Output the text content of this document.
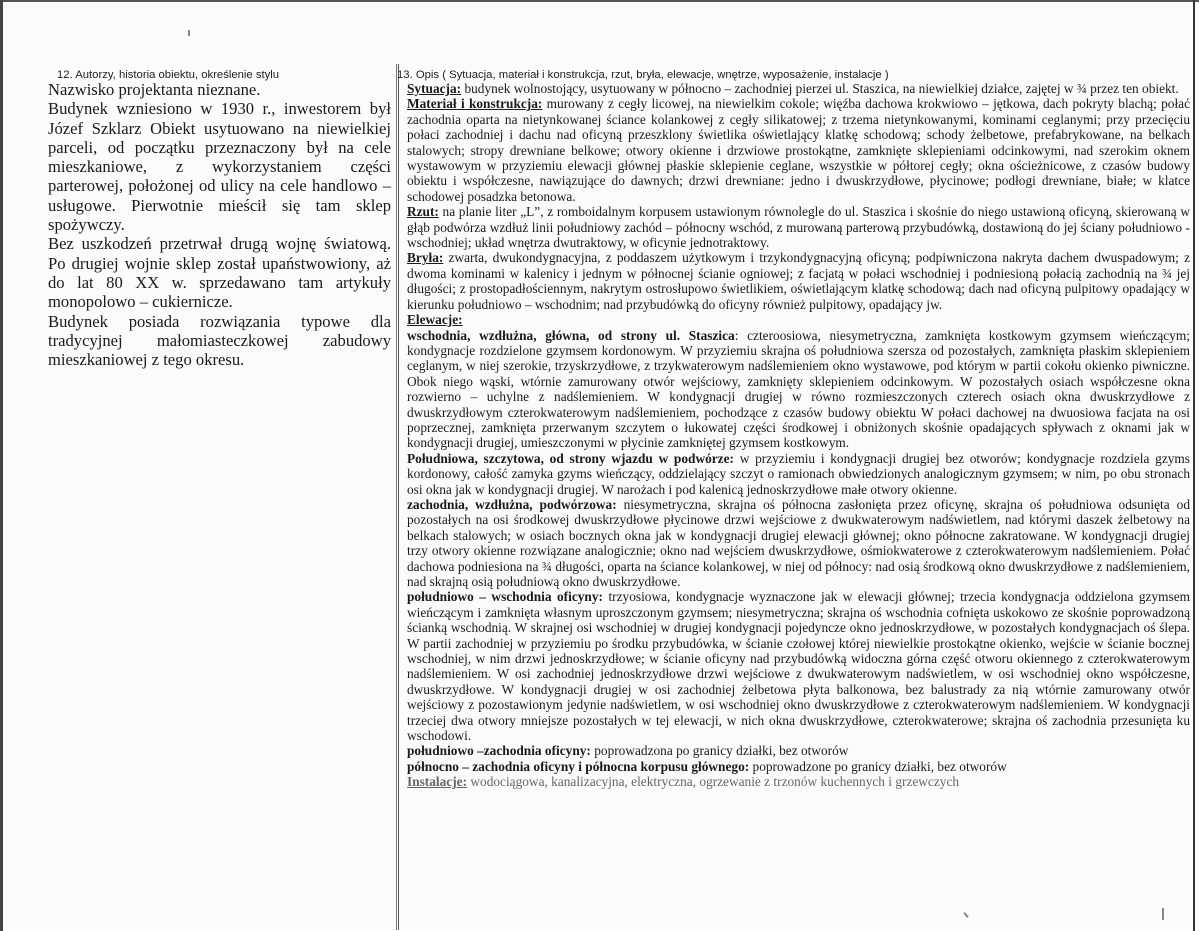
12. Autorzy, historia obiektu, określenie stylu	13. Opis ( Sytuacja, materiał i konstrukcja, rzut, bryła, elewacje, wnętrze, wyposażenie, instalacje )

Nazwisko projektanta nieznane.

Budynek wzniesiono w 1930 r., inwestorem był Józef Szklarz Obiekt usytuowano na niewielkiej parceli, od początku przeznaczony był na cele mieszkaniowe, z wykorzystaniem części parterowej, położonej od ulicy na cele handlowo – usługowe. Pierwotnie mieścił się tam sklep spożywczy.

Bez uszkodzeń przetrwał drugą wojnę światową. Po drugiej wojnie sklep został upaństwowiony, aż do lat 80 XX w. sprzedawano tam artykuły monopolowo – cukiernicze.

Budynek posiada rozwiązania typowe dla tradycyjnej małomiasteczkowej zabudowy mieszkaniowej z tego okresu.

Sytuacja: budynek wolnostojący, usytuowany w północno – zachodniej pierzei ul. Staszica, na niewielkiej działce, zajętej w ¾ przez ten obiekt.

Materiał i konstrukcja: murowany z cegły licowej, na niewielkim cokole; więźba dachowa krokwiowo – jętkowa, dach pokryty blachą; połać zachodnia oparta na nietynkowanej ściance kolankowej z cegły silikatowej; z trzema nietynkowanymi, kominami ceglanymi; przy przecięciu połaci zachodniej i dachu nad oficyną przeszklony świetlika oświetlający klatkę schodową; schody żelbetowe, prefabrykowane, na belkach stalowych; stropy drewniane belkowe; otwory okienne i drzwiowe prostokątne, zamknięte sklepieniami odcinkowymi, nad szerokim oknem wystawowym w przyziemiu elewacji głównej płaskie sklepienie ceglane, wszystkie w półtorej cegły; okna ościeżnicowe, z czasów budowy obiektu i współczesne, nawiązujące do dawnych; drzwi drewniane: jedno i dwuskrzydłowe, płycinowe; podłogi drewniane, białe; w klatce schodowej posadzka betonowa.

Rzut: na planie liter „L”, z romboidalnym korpusem ustawionym równolegle do ul. Staszica i skośnie do niego ustawioną oficyną, skierowaną w głąb podwórza wzdłuż linii południowy zachód – północny wschód, z murowaną parterową przybudówką, dostawioną do jej ściany południowo - wschodniej; układ wnętrza dwutraktowy, w oficynie jednotraktowy.

Bryła: zwarta, dwukondygnacyjna, z poddaszem użytkowym i trzykondygnacyjną oficyną; podpiwniczona nakryta dachem dwuspadowym; z dwoma kominami w kalenicy i jednym w północnej ścianie ogniowej; z facjatą w połaci wschodniej i podniesioną połacią zachodnią na ¾ jej długości; z prostopadłościennym, nakrytym ostrosłupowo świetlikiem, oświetlającym klatkę schodową; dach nad oficyną pulpitowy opadający w kierunku południowo – wschodnim; nad przybudówką do oficyny również pulpitowy, opadający jw.

Elewacje:

wschodnia, wzdłużna, główna, od strony ul. Staszica: czteroosiowa, niesymetryczna, zamknięta kostkowym gzymsem wieńczącym; kondygnacje rozdzielone gzymsem kordonowym. W przyziemiu skrajna oś południowa szersza od pozostałych, zamknięta płaskim sklepieniem ceglanym, w niej szerokie, trzyskrzydłowe, z trzykwaterowym nadślemieniem okno wystawowe, pod którym w partii cokołu okienko piwniczne. Obok niego wąski, wtórnie zamurowany otwór wejściowy, zamknięty sklepieniem odcinkowym. W pozostałych osiach współczesne okna rozwierno – uchylne z nadślemieniem. W kondygnacji drugiej w równo rozmieszczonych czterech osiach okna dwuskrzydłowe z dwuskrzydłowym czterokwaterowym nadślemieniem, pochodzące z czasów budowy obiektu W połaci dachowej na dwuosiowa facjata na osi poprzecznej, zamknięta przerwanym szczytem o łukowatej części środkowej i obniżonych skośnie opadających spływach z oknami jak w kondygnacji drugiej, umieszczonymi w płycinie zamkniętej gzymsem kostkowym.

Południowa, szczytowa, od strony wjazdu w podwórze: w przyziemiu i kondygnacji drugiej bez otworów; kondygnacje rozdziela gzyms kordonowy, całość zamyka gzyms wieńczący, oddzielający szczyt o ramionach obwiedzionych analogicznym gzymsem; w nim, po obu stronach osi okna jak w kondygnacji drugiej. W narożach i pod kalenicą jednoskrzydłowe małe otwory okienne.

zachodnia, wzdłużna, podwórzowa: niesymetryczna, skrajna oś północna zasłonięta przez oficynę, skrajna oś południowa odsunięta od pozostałych na osi środkowej dwuskrzydłowe płycinowe drzwi wejściowe z dwukwaterowym nadświetlem, nad którymi daszek żelbetowy na belkach stalowych; w osiach bocznych okna jak w kondygnacji drugiej elewacji głównej; okno północne zakratowane. W kondygnacji drugiej trzy otwory okienne rozwiązane analogicznie; okno nad wejściem dwuskrzydłowe, ośmiokwaterowe z czterokwaterowym nadślemieniem. Połać dachowa podniesiona na ¾ długości, oparta na ściance kolankowej, w niej od północy: nad osią środkową okno dwuskrzydłowe z nadślemieniem, nad skrajną osią południową okno dwuskrzydłowe.

południowo – wschodnia oficyny: trzyosiowa, kondygnacje wyznaczone jak w elewacji głównej; trzecia kondygnacja oddzielona gzymsem wieńczącym i zamknięta własnym uproszczonym gzymsem; niesymetryczna; skrajna oś wschodnia cofnięta uskokowo ze skośnie poprowadzoną ścianką wschodnią. W skrajnej osi wschodniej w drugiej kondygnacji pojedyncze okno jednoskrzydłowe, w pozostałych kondygnacjach oś ślepa. W partii zachodniej w przyziemiu po środku przybudówka, w ścianie czołowej której niewielkie prostokątne okienko, wejście w ścianie bocznej wschodniej, w nim drzwi jednoskrzydłowe; w ścianie oficyny nad przybudówką widoczna górna część otworu okiennego z czterokwaterowym nadślemieniem. W osi zachodniej jednoskrzydłowe drzwi wejściowe z dwukwaterowym nadświetlem, w osi wschodniej okno współczesne, dwuskrzydłowe. W kondygnacji drugiej w osi zachodniej żelbetowa płyta balkonowa, bez balustrady za nią wtórnie zamurowany otwór wejściowy z pozostawionym jedynie nadświetlem, w osi wschodniej okno dwuskrzydłowe z czterokwaterowym nadślemieniem. W kondygnacji trzeciej dwa otwory mniejsze pozostałych w tej elewacji, w nich okna dwuskrzydłowe, czterokwaterowe; skrajna oś zachodnia przesunięta ku wschodowi.

południowo –zachodnia oficyny: poprowadzona po granicy działki, bez otworów

północno – zachodnia oficyny i północna korpusu głównego: poprowadzone po granicy działki, bez otworów

Instalacje: wodociągowa, kanalizacyjna, elektryczna, ogrzewanie z trzonów kuchennych i grzewczych
